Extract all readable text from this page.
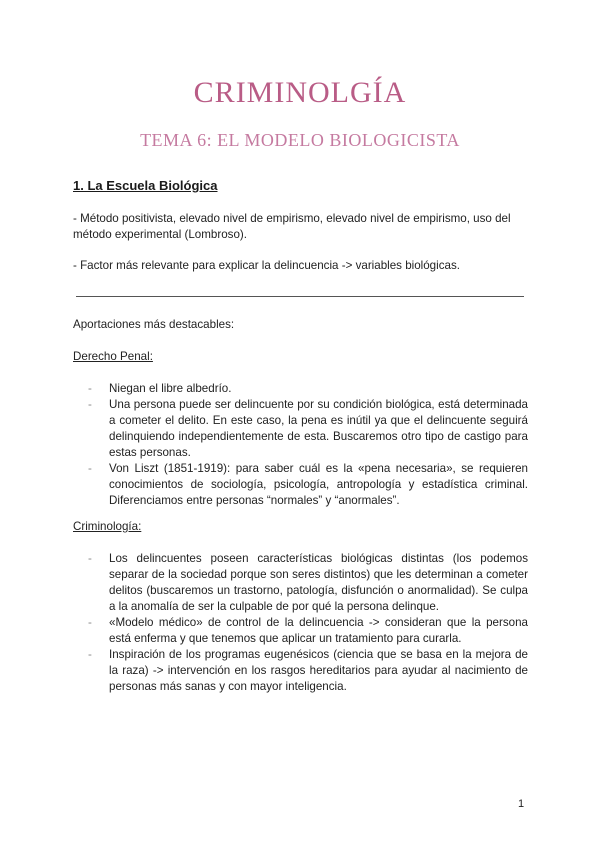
CRIMINOLGÍA
TEMA 6: EL MODELO BIOLOGICISTA
1. La Escuela Biológica
- Método positivista, elevado nivel de empirismo, elevado nivel de empirismo, uso del método experimental (Lombroso).
- Factor más relevante para explicar la delincuencia -> variables biológicas.
Aportaciones más destacables:
Derecho Penal:
- Niegan el libre albedrío.
- Una persona puede ser delincuente por su condición biológica, está determinada a cometer el delito. En este caso, la pena es inútil ya que el delincuente seguirá delinquiendo independientemente de esta. Buscaremos otro tipo de castigo para estas personas.
- Von Liszt (1851-1919): para saber cuál es la «pena necesaria», se requieren conocimientos de sociología, psicología, antropología y estadística criminal. Diferenciamos entre personas “normales” y “anormales”.
Criminología:
- Los delincuentes poseen características biológicas distintas (los podemos separar de la sociedad porque son seres distintos) que les determinan a cometer delitos (buscaremos un trastorno, patología, disfunción o anormalidad). Se culpa a la anomalía de ser la culpable de por qué la persona delinque.
- «Modelo médico» de control de la delincuencia -> consideran que la persona está enferma y que tenemos que aplicar un tratamiento para curarla.
- Inspiración de los programas eugenésicos (ciencia que se basa en la mejora de la raza) -> intervención en los rasgos hereditarios para ayudar al nacimiento de personas más sanas y con mayor inteligencia.
1
